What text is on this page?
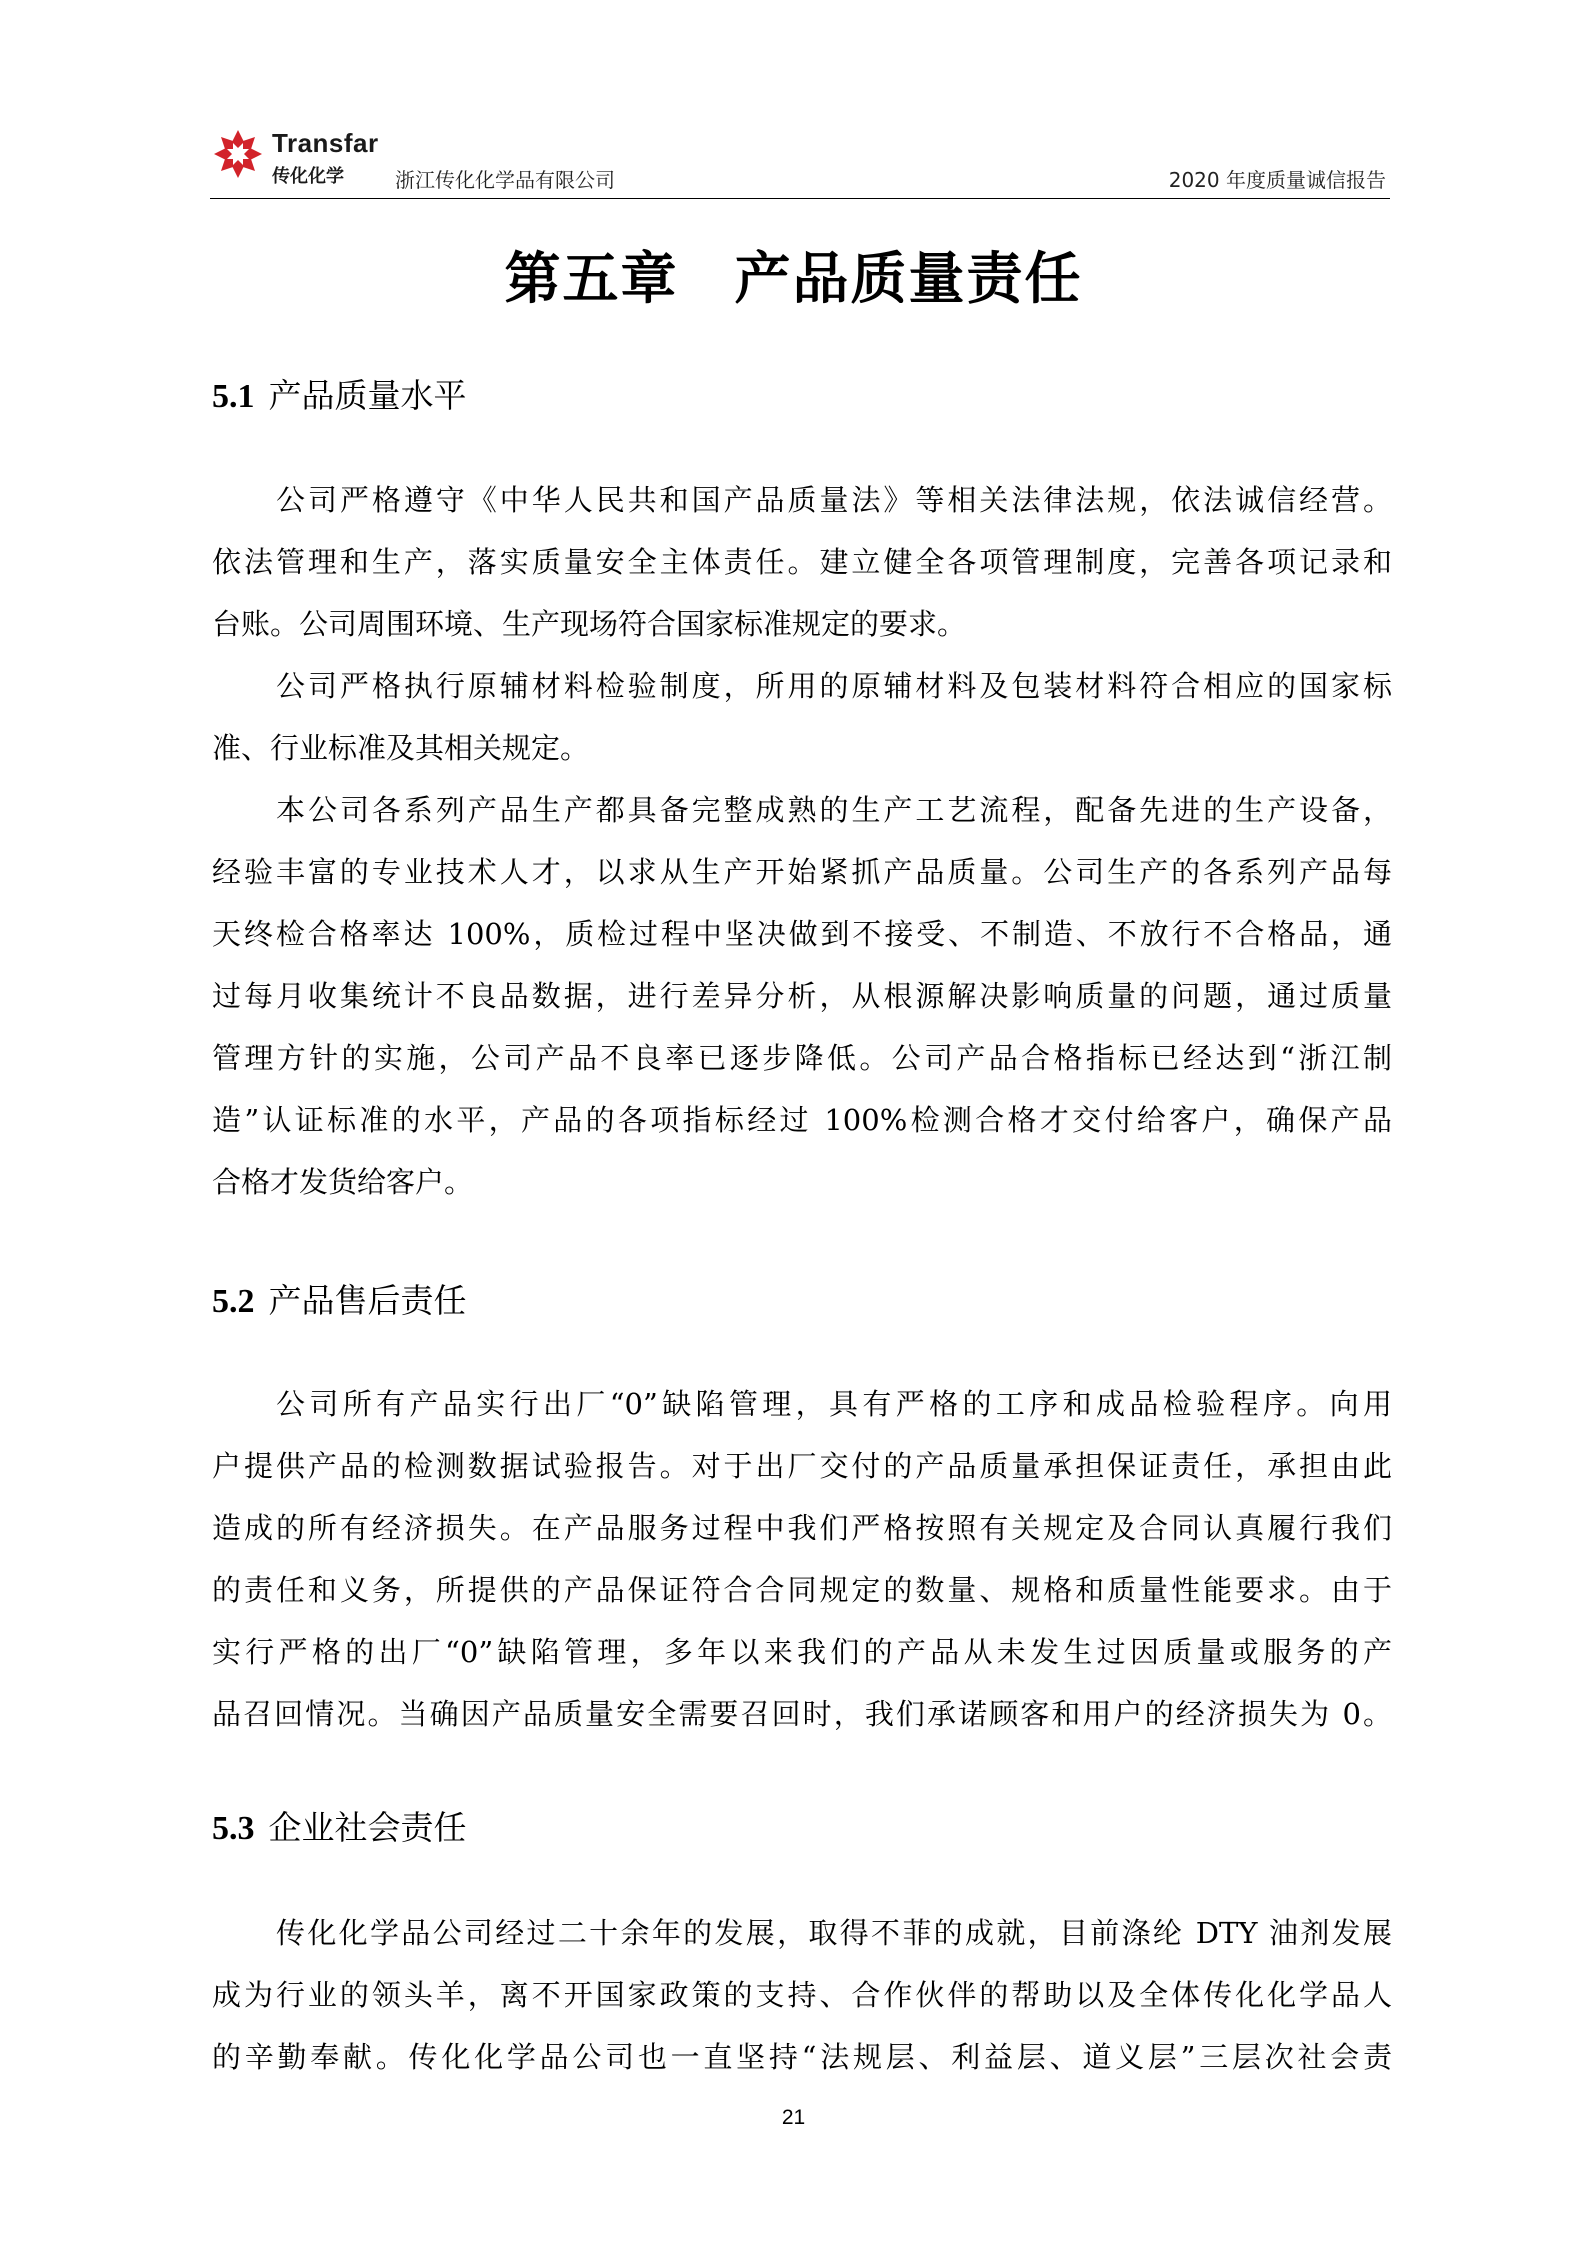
Transfar
传化化学	浙江传化化学品有限公司	2020 年度质量诚信报告
第五章 产品质量责任
5.1 产品质量水平

公司严格遵守《中华人民共和国产品质量法》等相关法律法规，依法诚信经营。
依法管理和生产，落实质量安全主体责任。建立健全各项管理制度，完善各项记录和
台账。公司周围环境、生产现场符合国家标准规定的要求。

公司严格执行原辅材料检验制度，所用的原辅材料及包装材料符合相应的国家标
准、行业标准及其相关规定。

本公司各系列产品生产都具备完整成熟的生产工艺流程，配备先进的生产设备，
经验丰富的专业技术人才，以求从生产开始紧抓产品质量。公司生产的各系列产品每
天终检合格率达 100%，质检过程中坚决做到不接受、不制造、不放行不合格品，通
过每月收集统计不良品数据，进行差异分析，从根源解决影响质量的问题，通过质量
管理方针的实施，公司产品不良率已逐步降低。公司产品合格指标已经达到“浙江制
造”认证标准的水平，产品的各项指标经过 100%检测合格才交付给客户，确保产品
合格才发货给客户。

5.2 产品售后责任

公司所有产品实行出厂“0”缺陷管理，具有严格的工序和成品检验程序。向用
户提供产品的检测数据试验报告。对于出厂交付的产品质量承担保证责任，承担由此
造成的所有经济损失。在产品服务过程中我们严格按照有关规定及合同认真履行我们
的责任和义务，所提供的产品保证符合合同规定的数量、规格和质量性能要求。由于
实行严格的出厂“0”缺陷管理，多年以来我们的产品从未发生过因质量或服务的产
品召回情况。当确因产品质量安全需要召回时，我们承诺顾客和用户的经济损失为 0。

5.3 企业社会责任

传化化学品公司经过二十余年的发展，取得不菲的成就，目前涤纶 DTY 油剂发展
成为行业的领头羊，离不开国家政策的支持、合作伙伴的帮助以及全体传化化学品人
的辛勤奉献。传化化学品公司也一直坚持“法规层、利益层、道义层”三层次社会责

21
